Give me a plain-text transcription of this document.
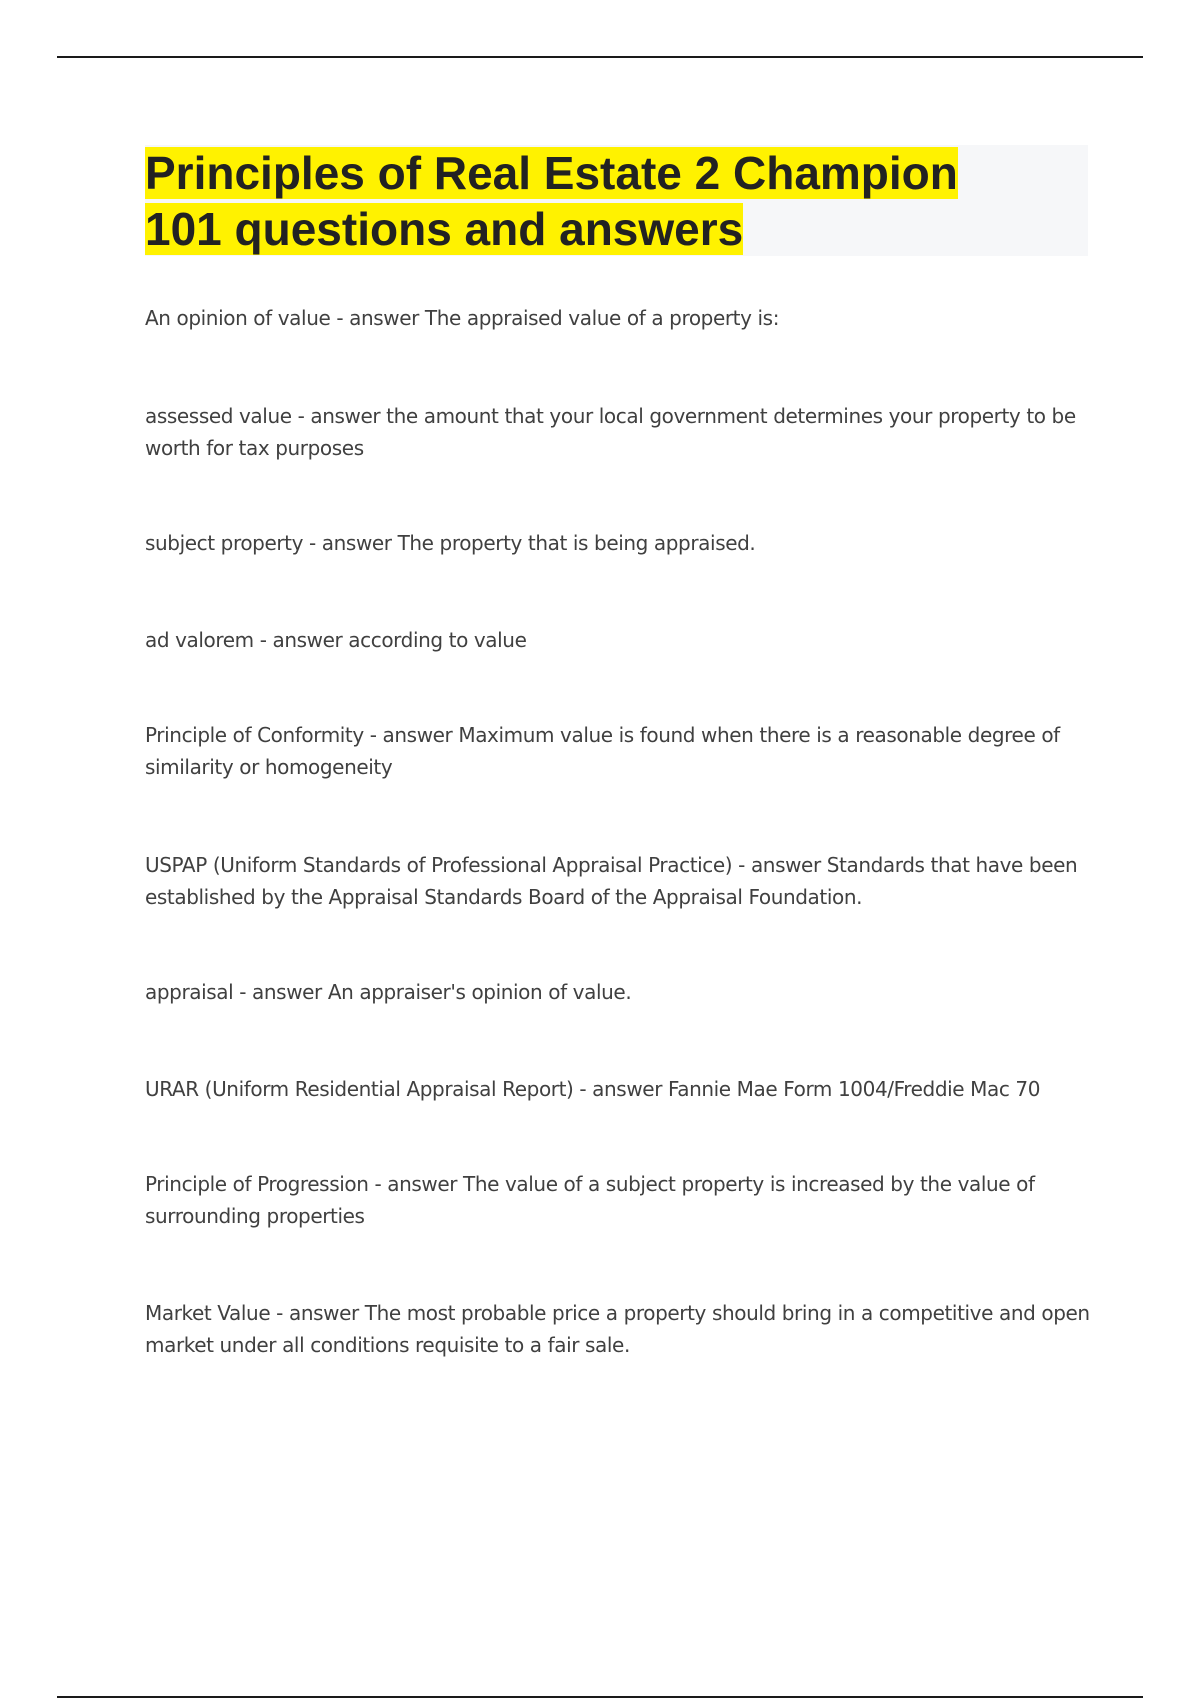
Principles of Real Estate 2 Champion
101 questions and answers
An opinion of value - answer The appraised value of a property is:
assessed value - answer the amount that your local government determines your property to be worth for tax purposes
subject property - answer The property that is being appraised.
ad valorem - answer according to value
Principle of Conformity - answer Maximum value is found when there is a reasonable degree of similarity or homogeneity
USPAP (Uniform Standards of Professional Appraisal Practice) - answer Standards that have been established by the Appraisal Standards Board of the Appraisal Foundation.
appraisal - answer An appraiser's opinion of value.
URAR (Uniform Residential Appraisal Report) - answer Fannie Mae Form 1004/Freddie Mac 70
Principle of Progression - answer The value of a subject property is increased by the value of surrounding properties
Market Value - answer The most probable price a property should bring in a competitive and open market under all conditions requisite to a fair sale.
